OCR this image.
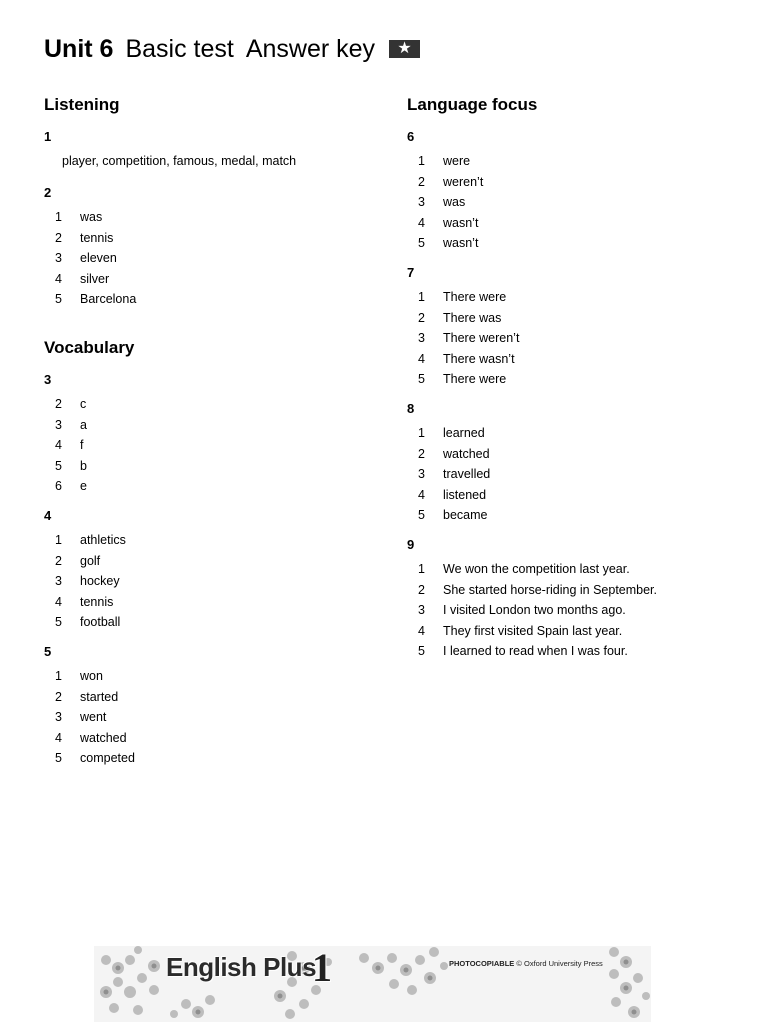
Unit 6 Basic test Answer key	★
Listening
1
player, competition, famous, medal, match
2
1 was
2 tennis
3 eleven
4 silver
5 Barcelona
Vocabulary
3
2 c
3 a
4 f
5 b
6 e
4
1 athletics
2 golf
3 hockey
4 tennis
5 football
5
1 won
2 started
3 went
4 watched
5 competed
Language focus
6
1 were
2 weren’t
3 was
4 wasn’t
5 wasn’t
7
1 There were
2 There was
3 There weren’t
4 There wasn’t
5 There were
8
1 learned
2 watched
3 travelled
4 listened
5 became
9
1 We won the competition last year.
2 She started horse-riding in September.
3 I visited London two months ago.
4 They first visited Spain last year.
5 I learned to read when I was four.
English Plus
1	PHOTOCOPIABLE © Oxford University Press
